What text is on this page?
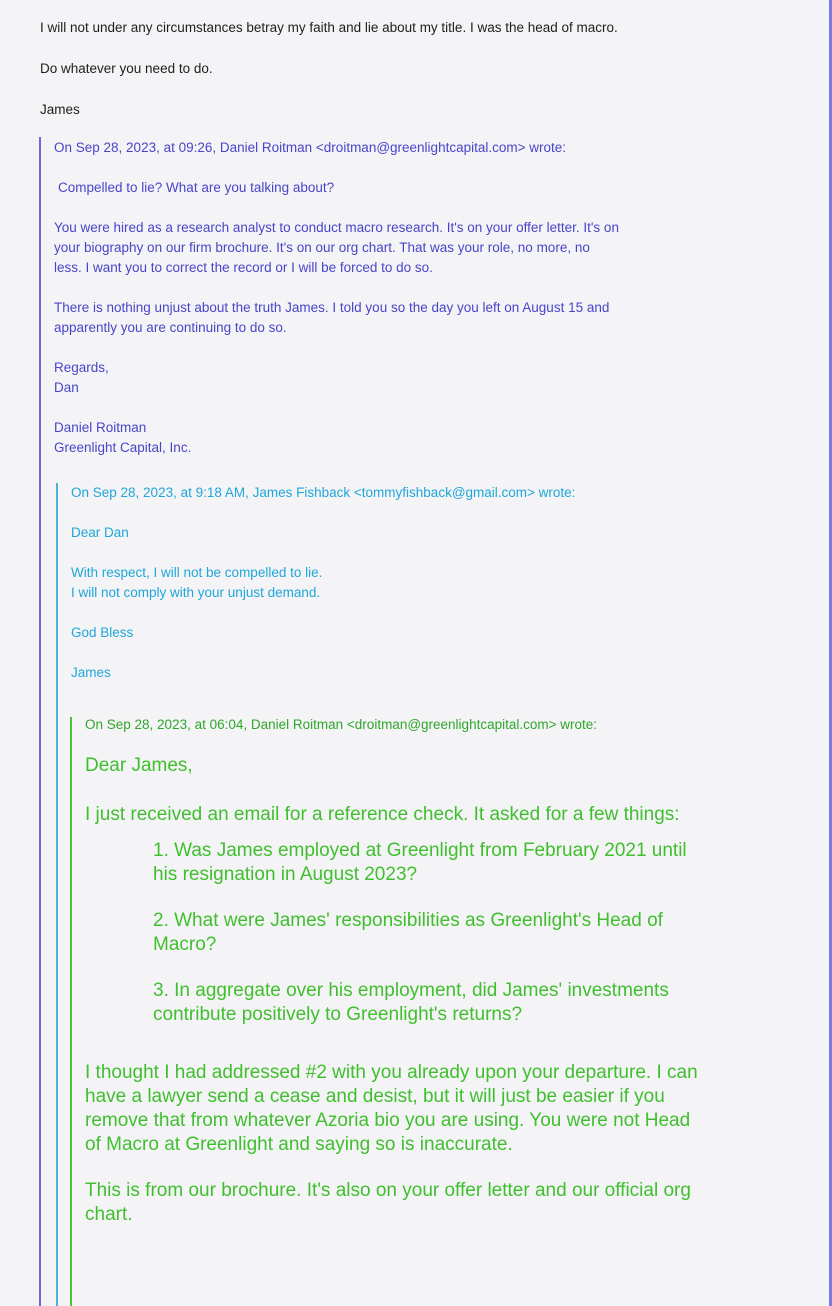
I will not under any circumstances betray my faith and lie about my title. I was the head of macro.

Do whatever you need to do.

James

On Sep 28, 2023, at 09:26, Daniel Roitman <droitman@greenlightcapital.com> wrote:

Compelled to lie? What are you talking about?

You were hired as a research analyst to conduct macro research. It's on your offer letter. It's on

your biography on our firm brochure. It's on our org chart. That was your role, no more, no

less. I want you to correct the record or I will be forced to do so.

There is nothing unjust about the truth James. I told you so the day you left on August 15 and

apparently you are continuing to do so.

Regards,

Dan

Daniel Roitman

Greenlight Capital, Inc.

On Sep 28, 2023, at 9:18 AM, James Fishback <tommyfishback@gmail.com> wrote:

Dear Dan

With respect, I will not be compelled to lie.

I will not comply with your unjust demand.

God Bless

James

On Sep 28, 2023, at 06:04, Daniel Roitman <droitman@greenlightcapital.com> wrote:

Dear James,

I just received an email for a reference check. It asked for a few things:

1. Was James employed at Greenlight from February 2021 until

his resignation in August 2023?

2. What were James' responsibilities as Greenlight's Head of

Macro?

3. In aggregate over his employment, did James' investments

contribute positively to Greenlight's returns?

I thought I had addressed #2 with you already upon your departure. I can

have a lawyer send a cease and desist, but it will just be easier if you

remove that from whatever Azoria bio you are using. You were not Head

of Macro at Greenlight and saying so is inaccurate.

This is from our brochure. It's also on your offer letter and our official org

chart.
